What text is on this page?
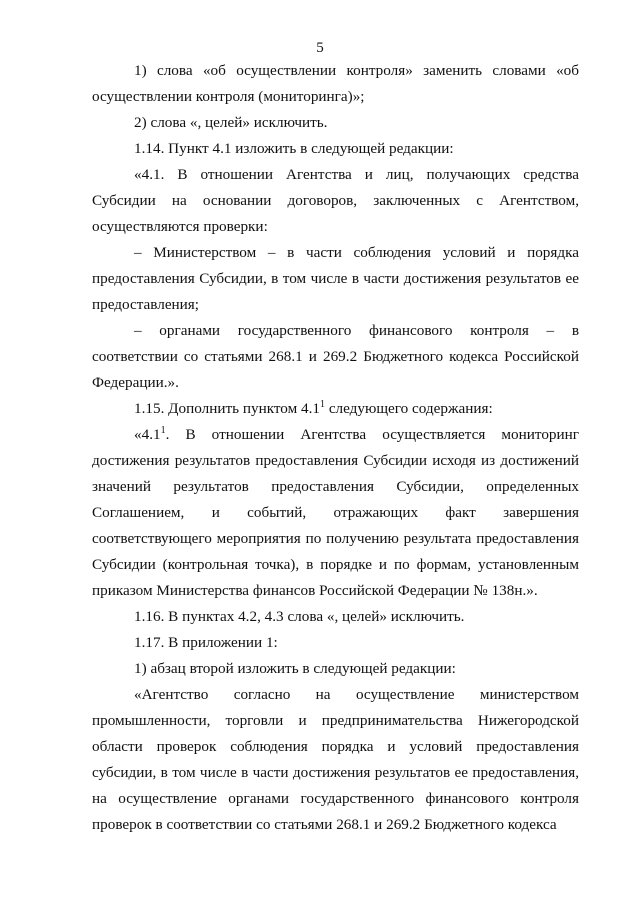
5

1) слова «об осуществлении контроля» заменить словами «об осуществлении контроля (мониторинга)»;

2) слова «, целей» исключить.

1.14. Пункт 4.1 изложить в следующей редакции:

«4.1. В отношении Агентства и лиц, получающих средства Субсидии на основании договоров, заключенных с Агентством, осуществляются проверки:

– Министерством – в части соблюдения условий и порядка предоставления Субсидии, в том числе в части достижения результатов ее предоставления;

– органами государственного финансового контроля – в соответствии со статьями 268.1 и 269.2 Бюджетного кодекса Российской Федерации.».

1.15. Дополнить пунктом $4.1^1$ следующего содержания:

«$4.1^1$. В отношении Агентства осуществляется мониторинг достижения результатов предоставления Субсидии исходя из достижений значений результатов предоставления Субсидии, определенных Соглашением, и событий, отражающих факт завершения соответствующего мероприятия по получению результата предоставления Субсидии (контрольная точка), в порядке и по формам, установленным приказом Министерства финансов Российской Федерации № 138н.».

1.16. В пунктах 4.2, 4.3 слова «, целей» исключить.

1.17. В приложении 1:

1) абзац второй изложить в следующей редакции:

«Агентство согласно на осуществление министерством промышленности, торговли и предпринимательства Нижегородской области проверок соблюдения порядка и условий предоставления субсидии, в том числе в части достижения результатов ее предоставления, на осуществление органами государственного финансового контроля проверок в соответствии со статьями 268.1 и 269.2 Бюджетного кодекса
